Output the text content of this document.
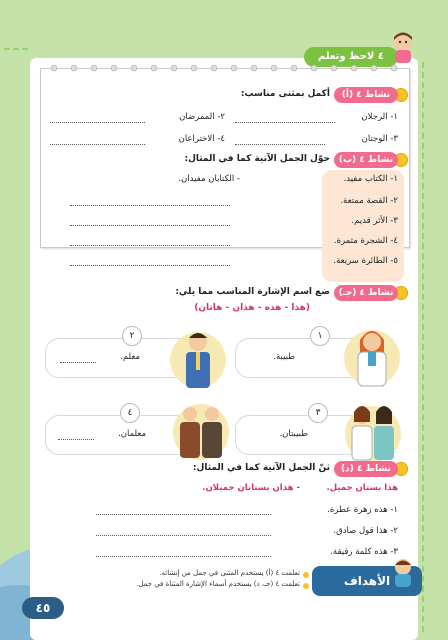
٤٥
٤ لاحظ وتعلم
نشاط ٤ (أ)
أكمل بمثنى مناسب:
١- الرجلان
٢- الممرضان
٣- الوجتان
٤- الاختراعان
نشاط ٤ (ب)
حوّل الجمل الآتية كما في المثال:
١- الكتاب مفيد.
٢- القصة ممتعة.
٣- الأثر قديم.
٤- الشجرة مثمرة.
٥- الطائرة سريعة.
- الكتابان مفيدان.
نشاط ٤ (جـ)
ضع اسم الإشارة المناسب مما يلي:
(هذا - هذه - هذان - هاتان)
١
طبيبة.
٢
معلم.
٣
طبيبتان.
٤
معلمان.
نشاط ٤ (د)
ثنّ الجمل الآتية كما في المثال:
هذا بستان جميل.
- هذان بستانان جميلان.
١- هذه زهرة عطرة.
٢- هذا قول صادق.
٣- هذه كلمة رقيقة.
الأهداف
تعلمت ٤ (أ) يستخدم المثنى في جمل من إنشائه.
تعلمت ٤ (جـ، د) يستخدم أسماء الإشارة المثناة في جمل.
